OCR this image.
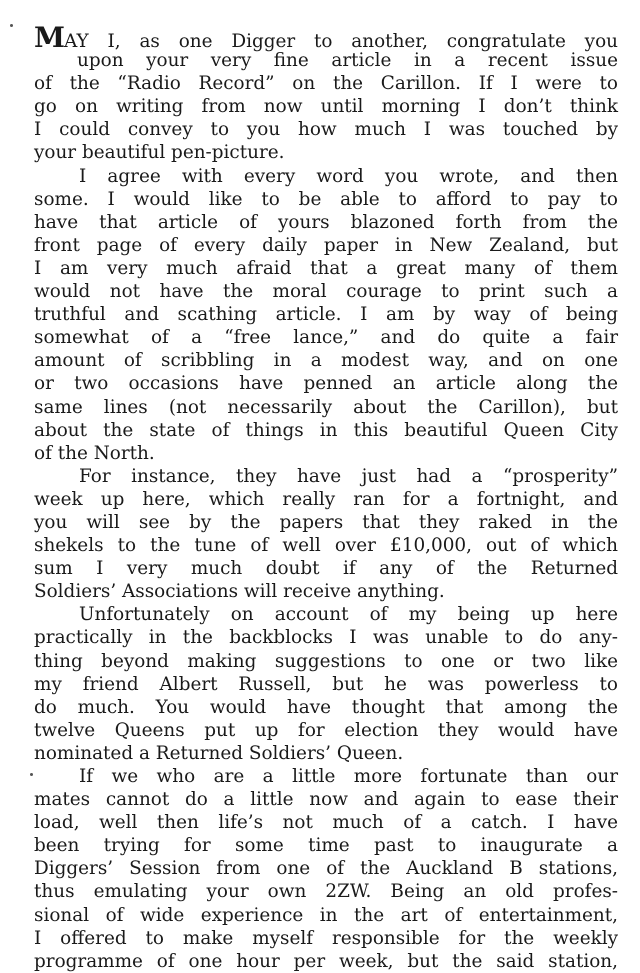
MAY I, as one Digger to another, congratulate you
upon your very fine article in a recent issue
of the “Radio Record” on the Carillon. If I were to
go on writing from now until morning I don’t think
I could convey to you how much I was touched by
your beautiful pen-picture.
I agree with every word you wrote, and then
some. I would like to be able to afford to pay to
have that article of yours blazoned forth from the
front page of every daily paper in New Zealand, but
I am very much afraid that a great many of them
would not have the moral courage to print such a
truthful and scathing article. I am by way of being
somewhat of a “free lance,” and do quite a fair
amount of scribbling in a modest way, and on one
or two occasions have penned an article along the
same lines (not necessarily about the Carillon), but
about the state of things in this beautiful Queen City
of the North.
For instance, they have just had a “prosperity”
week up here, which really ran for a fortnight, and
you will see by the papers that they raked in the
shekels to the tune of well over £10,000, out of which
sum I very much doubt if any of the Returned
Soldiers’ Associations will receive anything.
Unfortunately on account of my being up here
practically in the backblocks I was unable to do any-
thing beyond making suggestions to one or two like
my friend Albert Russell, but he was powerless to
do much. You would have thought that among the
twelve Queens put up for election they would have
nominated a Returned Soldiers’ Queen.
If we who are a little more fortunate than our
mates cannot do a little now and again to ease their
load, well then life’s not much of a catch. I have
been trying for some time past to inaugurate a
Diggers’ Session from one of the Auckland B stations,
thus emulating your own 2ZW. Being an old profes-
sional of wide experience in the art of entertainment,
I offered to make myself responsible for the weekly
programme of one hour per week, but the said station,
